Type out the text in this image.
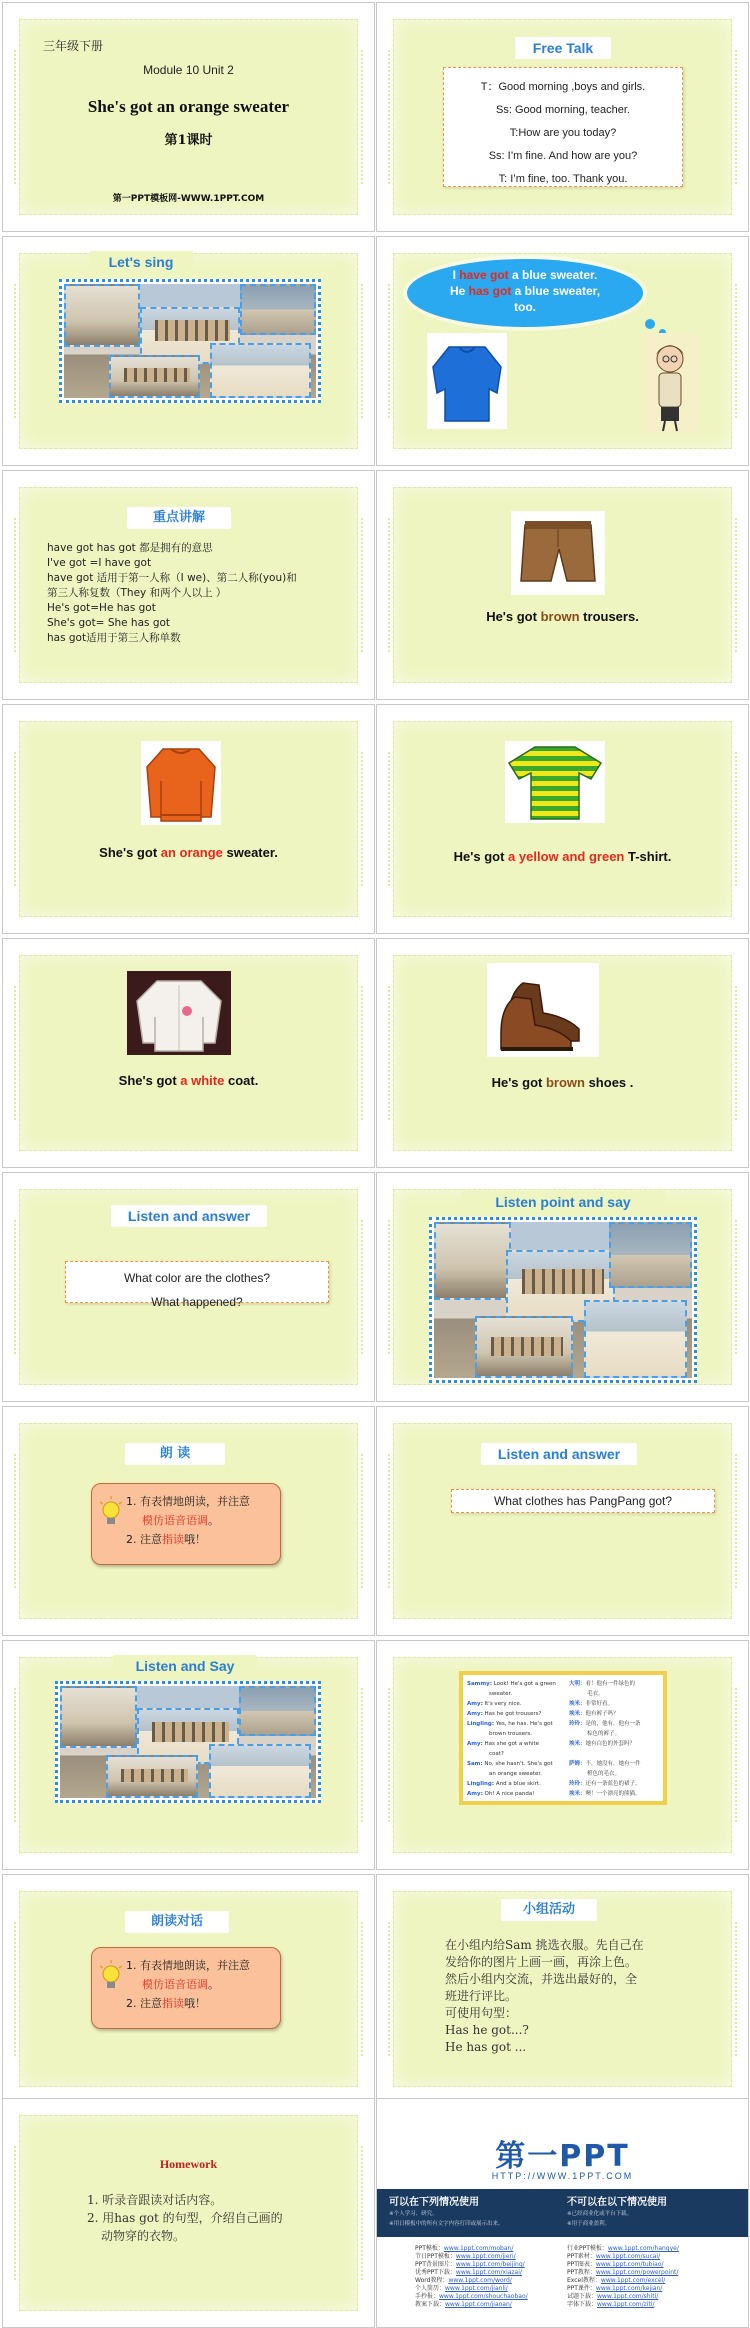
三年级下册
Module 10 Unit 2
She's got an orange sweater
第1课时
第一PPT模板网-WWW.1PPT.COM
Free Talk
T：Good morning ,boys and girls.
Ss: Good morning, teacher.
T:How are you today?
Ss: I’m fine. And how are you?
T: I’m fine, too. Thank you.
Let's sing
I have got a blue sweater.
He has got a blue sweater,
too.
重点讲解
have got has got 都是拥有的意思
I've got =I have got
have got 适用于第一人称（I we)、第二人称(you)和
第三人称复数（They 和两个人以上 ）
He's got=He has got
She's got= She has got
has got适用于第三人称单数
He's got brown trousers.
She's got an orange sweater.	He's got a yellow and green T-shirt.
She's got a white coat.	He's got brown shoes .
Listen and answer
What color are the clothes?
What happened?
Listen point and say
朗 读
1. 有表情地朗读，并注意
模仿语音语调。
2. 注意指读哦！
Listen and answer
What clothes has PangPang got?
Listen and Say
Sammy: Look! He's got a green
sweater.
Amy: It's very nice.
Amy: Has he got trousers?
Lingling: Yes, he has. He's got
brown trousers.
Amy: Has she got a white
coat?
Sam: No, she hasn't. She's got
an orange sweater.
Lingling: And a blue skirt.
Amy: Oh! A nice panda!
大明：看！他有一件绿色的
毛衣。
埃米：非常好看。
埃米：他有裤子吗？
玲玲：是的，他有。他有一条
棕色的裤子。
埃米：她有白色的外套吗？

萨姆：不，她没有。她有一件
橙色的毛衣。
玲玲：还有一条蓝色的裙子。
埃米：噢！一个漂亮的熊猫。
朗读对话
1. 有表情地朗读，并注意
模仿语音语调。
2. 注意指读哦！
小组活动
在小组内给Sam 挑选衣服。先自己在
发给你的图片上画一画，再涂上色。
然后小组内交流，并选出最好的，全
班进行评比。
可使用句型：
Has he got...?
He has got ...
Homework
1. 听录音跟读对话内容。
2. 用has got 的句型，介绍自己画的
动物穿的衣物。
第一PPT
HTTP://WWW.1PPT.COM
可以在下列情况使用
※个人学习、研究。
※用日模板中的所有文字内容打印或展示出来。
不可以在以下情况使用
※已经商业化或平台下载。
※用于商业盈利。
PPT模板：www.1ppt.com/moban/
节日PPT模板：www.1ppt.com/jieri/
PPT背景图片：www.1ppt.com/beijing/
优秀PPT下载：www.1ppt.com/xiazai/
Word教程：www.1ppt.com/word/
个人简历：www.1ppt.com/jianli/
手抄报：www.1ppt.com/shouchaobao/
教案下载：www.1ppt.com/jiaoan/
行业PPT模板：www.1ppt.com/hangye/
PPT素材：www.1ppt.com/sucai/
PPT图表：www.1ppt.com/tubiao/
PPT教程：www.1ppt.com/powerpoint/
Excel教程：www.1ppt.com/excel/
PPT课件：www.1ppt.com/kejian/
试题下载：www.1ppt.com/shiti/
字体下载：www.1ppt.com/ziti/
